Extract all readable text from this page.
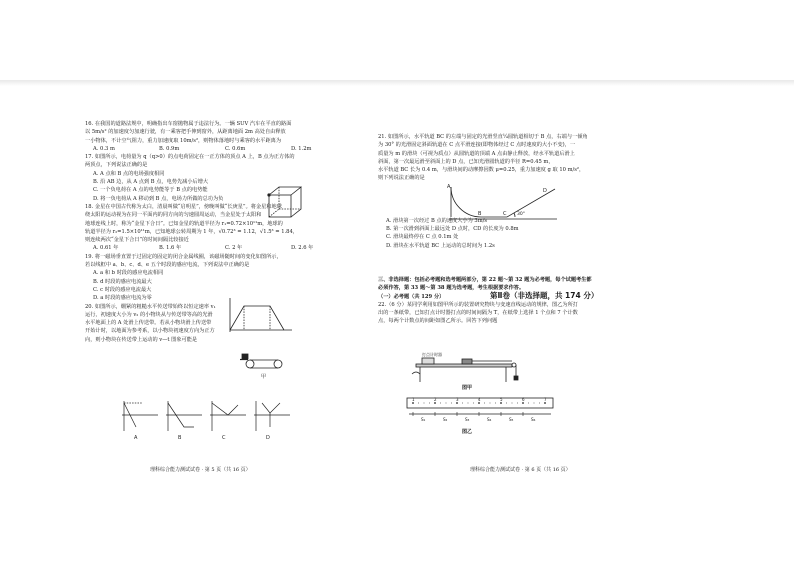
16. 在我国的道路法规中，明确指出车窗抛物属于违法行为。一辆 SUV 汽车在平直的路面

以 5m/s² 的加速度匀加速行驶，有一乘客把手伸到窗外，从距离地面 2m 高处自由释放

一小物体，不计空气阻力，重力加速度取 10m/s²，则物体落地时与乘客的水平距离为

A. 0.3 m	B. 0.9m	C. 0.6m	D. 1.2m

17. 如图所示，电荷量为 q（q>0）的点电荷固定在一正方体的顶点 A 上，B 点为正方体的

两顶点，下列说法正确的是

A. A 点和 B 点的电场强度相同

B. 沿 AB 边，从 A 点到 B 点，电势先减小后增大

C. 一个负电荷在 A 点的电势能等于 B 点的电势能

D. 将一负电荷从 A 移动到 B 点，电场力所做的总功为负

18. 金星在中国古代称为太白，清晨叫做“启明星”，傍晚叫做“长庚星”。将金星和地球

绕太阳的运动视为在同一平面内的同方向的匀速圆周运动，当金星处于太阳和

地球连线上时，称为“金星下合日”。已知金星的轨道半径为 r₁=0.72×10¹¹m，地球的

轨道半径为 r₂=1.5×10¹¹m，已知地球公转周期为 1 年，√0.72³ = 1.12，√1.5³ = 1.84，

则连续两次“金星下合日”的时间间隔比较接近

A. 0.61 年	B. 1.6 年	C. 2 年	D. 2.6 年

19. 将一磁场垂直置于过固定的固定的闭合金属线圈，该磁场随时间的变化如图所示，

若以线框中 a、b、c、d、e 五个时段的感应电流，下列说法中正确的是

A. a 和 b 时段的感应电流相同

B. d 时段的感应电流最大

C. c 时段的感应电流最大

D. a 时段的感应电流为零

20. 如图所示，绷紧的粗糙水平传送带始终以恒定速率 v₁

运行，初速度大小为 v₂ 的小物块从与传送带等高的光滑

水平地面上的 A 处滑上传送带。若从小物块滑上传送带

开始计时，以地面为参考系，以小物块初速度方向为正方

向，则小物块在传送带上运动的 v—t 图象可能是

甲
A	B	C	D
理科综合能力测试试卷 · 第 5 页（共 16 页）

21. 如图所示，水平轨道 BC 的左端与固定的光滑竖直¼圆轨道相切于 B 点，右端与一倾角

为 30° 的光滑固定斜面轨道在 C 点平滑连接(即物体经过 C 点时速度的大小不变)，一

质量为 m 的滑块（可视为质点）从圆轨道的顶端 A 点由静止释放，经水平轨道后滑上

斜面，第一次最远滑至斜面上的 D 点，已知光滑圆轨道的半径 R=0.45 m，

水平轨道 BC 长为 0.4 m，与滑块间的动摩擦因数 μ=0.25，重力加速度 g 取 10 m/s²，

则下列说法正确的是

A. 滑块第一次经过 B 点的速度大小为 3m/s

B. 第一次滑到斜面上最远处 D 点时，CD 的长度为 0.8m

C. 滑块最终停在 C 点 0.1m 处

D. 滑块在水平轨道 BC 上运动的总时间为 1.2s

三、非选择题：包括必考题和选考题两部分，第 22 题～第 32 题为必考题，每个试题考生都

必须作答，第 33 题～第 38 题为选考题，考生根据要求作答。

（一）必考题（共 129 分）

22.（6 分）某同学利用如图甲所示的装置研究物块与变速直线运动的规律，图乙为所打

出的一条纸带，已知打点计时器打点的时间间隔为 T，在纸带上选择 1 个点和 7 个计数

点，每两个计数点的间距如图乙所示。回答下列问题

A
B	C
D
30°
第Ⅱ卷（非选择题，共 174 分）
打点计时器
图甲
1	2	3	4	5	6	7
S₁	S₂	S₃	S₄	S₅	S₆
图乙
理科综合能力测试试卷 · 第 6 页（共 16 页）
